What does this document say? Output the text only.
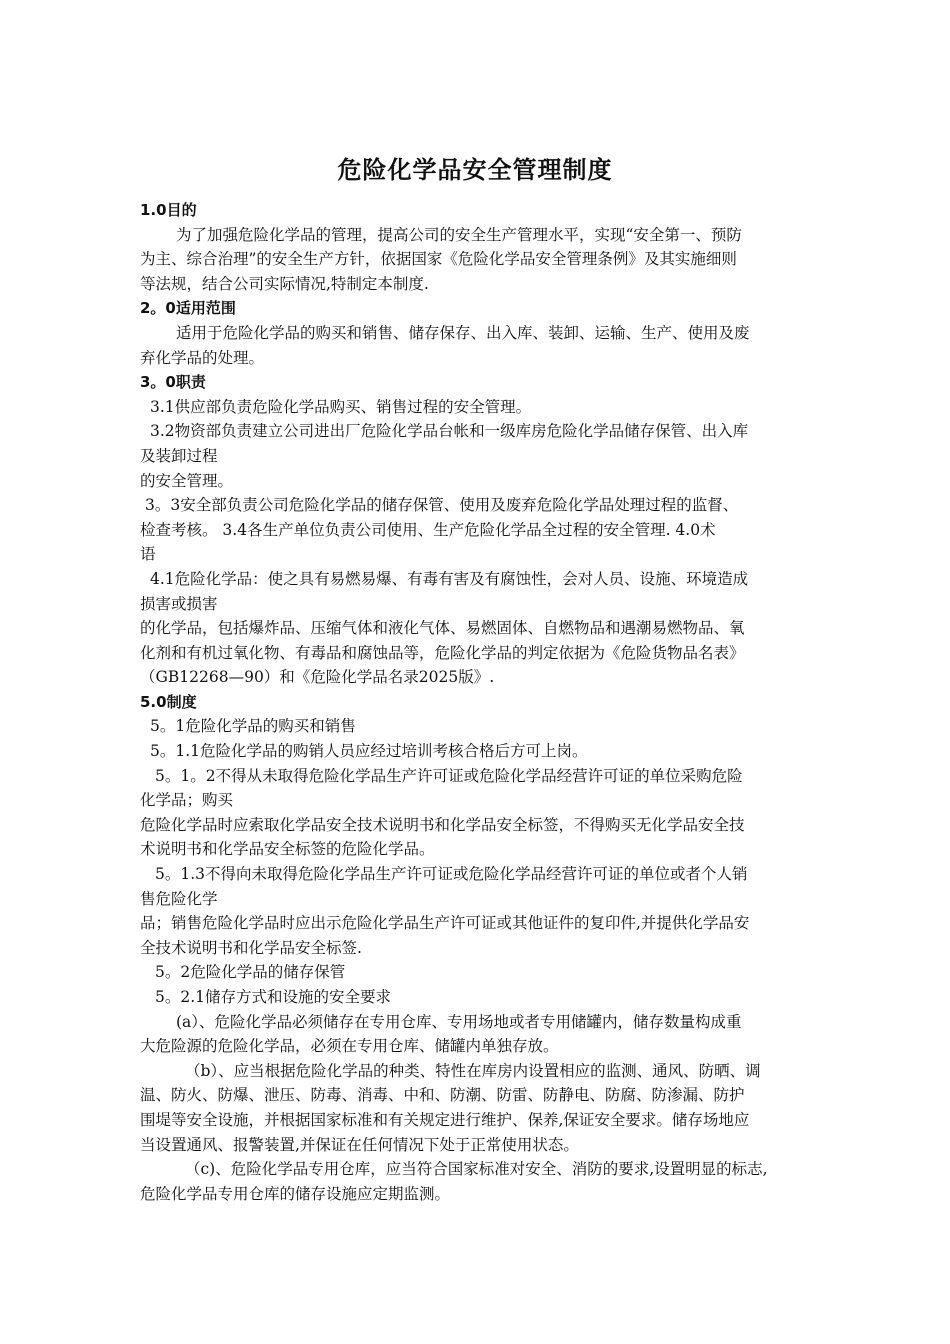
危险化学品安全管理制度
1.0目的
为了加强危险化学品的管理，提高公司的安全生产管理水平，实现“安全第一、预防
为主、综合治理”的安全生产方针，依据国家《危险化学品安全管理条例》及其实施细则
等法规，结合公司实际情况,特制定本制度.
2。0适用范围
适用于危险化学品的购买和销售、储存保存、出入库、装卸、运输、生产、使用及废
弃化学品的处理。
3。0职责
3.1供应部负责危险化学品购买、销售过程的安全管理。
3.2物资部负责建立公司进出厂危险化学品台帐和一级库房危险化学品储存保管、出入库
及装卸过程
的安全管理。
3。3安全部负责公司危险化学品的储存保管、使用及废弃危险化学品处理过程的监督、
检查考核。 3.4各生产单位负责公司使用、生产危险化学品全过程的安全管理. 4.0术
语
4.1危险化学品：使之具有易燃易爆、有毒有害及有腐蚀性，会对人员、设施、环境造成
损害或损害
的化学品，包括爆炸品、压缩气体和液化气体、易燃固体、自燃物品和遇潮易燃物品、氧
化剂和有机过氧化物、有毒品和腐蚀品等，危险化学品的判定依据为《危险货物品名表》
（GB12268—90）和《危险化学品名录2025版》.
5.0制度
5。1危险化学品的购买和销售
5。1.1危险化学品的购销人员应经过培训考核合格后方可上岗。
5。1。2不得从未取得危险化学品生产许可证或危险化学品经营许可证的单位采购危险
化学品；购买
危险化学品时应索取化学品安全技术说明书和化学品安全标签，不得购买无化学品安全技
术说明书和化学品安全标签的危险化学品。
5。1.3不得向未取得危险化学品生产许可证或危险化学品经营许可证的单位或者个人销
售危险化学
品；销售危险化学品时应出示危险化学品生产许可证或其他证件的复印件,并提供化学品安
全技术说明书和化学品安全标签.
5。2危险化学品的储存保管
5。2.1储存方式和设施的安全要求
(a）、危险化学品必须储存在专用仓库、专用场地或者专用储罐内，储存数量构成重
大危险源的危险化学品，必须在专用仓库、储罐内单独存放。
（b）、应当根据危险化学品的种类、特性在库房内设置相应的监测、通风、防晒、调
温、防火、防爆、泄压、防毒、消毒、中和、防潮、防雷、防静电、防腐、防渗漏、防护
围堤等安全设施，并根据国家标准和有关规定进行维护、保养,保证安全要求。储存场地应
当设置通风、报警装置,并保证在任何情况下处于正常使用状态。
（c)、危险化学品专用仓库，应当符合国家标准对安全、消防的要求,设置明显的标志,
危险化学品专用仓库的储存设施应定期监测。
